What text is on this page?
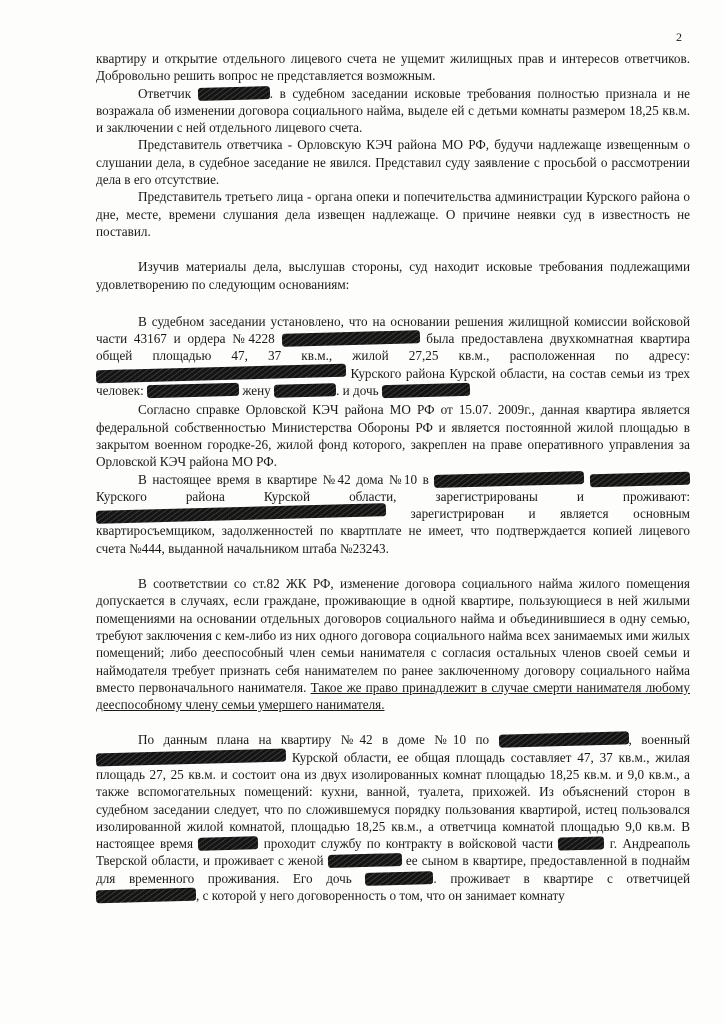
2

квартиру и открытие отдельного лицевого счета не ущемит жилищных прав и интересов ответчиков. Добровольно решить вопрос не представляется возможным.

Ответчик	. в судебном заседании исковые требования полностью признала и не возражала об изменении договора социального найма, выделе ей с детьми комнаты размером 18,25 кв.м. и заключении с ней отдельного лицевого счета.

Представитель ответчика - Орловскую КЭЧ района МО РФ, будучи надлежаще извещенным о слушании дела, в судебное заседание не явился. Представил суду заявление с просьбой о рассмотрении дела в его отсутствие.

Представитель третьего лица - органа опеки и попечительства администрации Курского района о дне, месте, времени слушания дела извещен надлежаще. О причине неявки суд в известность не поставил.

Изучив материалы дела, выслушав стороны, суд находит исковые требования подлежащими удовлетворению по следующим основаниям:

В судебном заседании установлено, что на основании решения жилищной комиссии войсковой части 43167 и ордера №4228	была предоставлена двухкомнатная квартира общей площадью 47, 37 кв.м., жилой 27,25 кв.м., расположенная по адресу:  Курского района Курской области, на состав семьи из трех человек:	жену	. и дочь

Согласно справке Орловской КЭЧ района МО РФ от 15.07. 2009г., данная квартира является федеральной собственностью Министерства Обороны РФ и является постоянной жилой площадью в закрытом военном городке-26, жилой фонд которого, закреплен на праве оперативного управления за Орловской КЭЧ района МО РФ.

В настоящее время в квартире №42 дома №10 в   Курского района Курской области, зарегистрированы и проживают:  зарегистрирован и является основным квартиросъемщиком, задолженностей по квартплате не имеет, что подтверждается копией лицевого счета №444, выданной начальником штаба №23243.

В соответствии со ст.82 ЖК РФ, изменение договора социального найма жилого помещения допускается в случаях, если граждане, проживающие в одной квартире, пользующиеся в ней жилыми помещениями на основании отдельных договоров социального найма и объединившиеся в одну семью, требуют заключения с кем-либо из них одного договора социального найма всех занимаемых ими жилых помещений; либо дееспособный член семьи нанимателя с согласия остальных членов своей семьи и наймодателя требует признать себя нанимателем по ранее заключенному договору социального найма вместо первоначального нанимателя. Такое же право принадлежит в случае смерти нанимателя любому дееспособному члену семьи умершего нанимателя.

По данным плана на квартиру №42 в доме №10 по	, военный  Курской области, ее общая площадь составляет 47, 37 кв.м., жилая площадь 27, 25 кв.м. и состоит она из двух изолированных комнат площадью 18,25 кв.м. и 9,0 кв.м., а также вспомогательных помещений: кухни, ванной, туалета, прихожей. Из объяснений сторон в судебном заседании следует, что по сложившемуся порядку пользования квартирой, истец пользовался изолированной жилой комнатой, площадью 18,25 кв.м., а ответчица комнатой площадью 9,0 кв.м. В настоящее время	проходит службу по контракту в войсковой части	г. Андреаполь Тверской области, и проживает с женой	ее сыном в квартире, предоставленной в поднайм для временного проживания. Его дочь	. проживает в квартире с ответчицей , с которой у него договоренность о том, что он занимает комнату
